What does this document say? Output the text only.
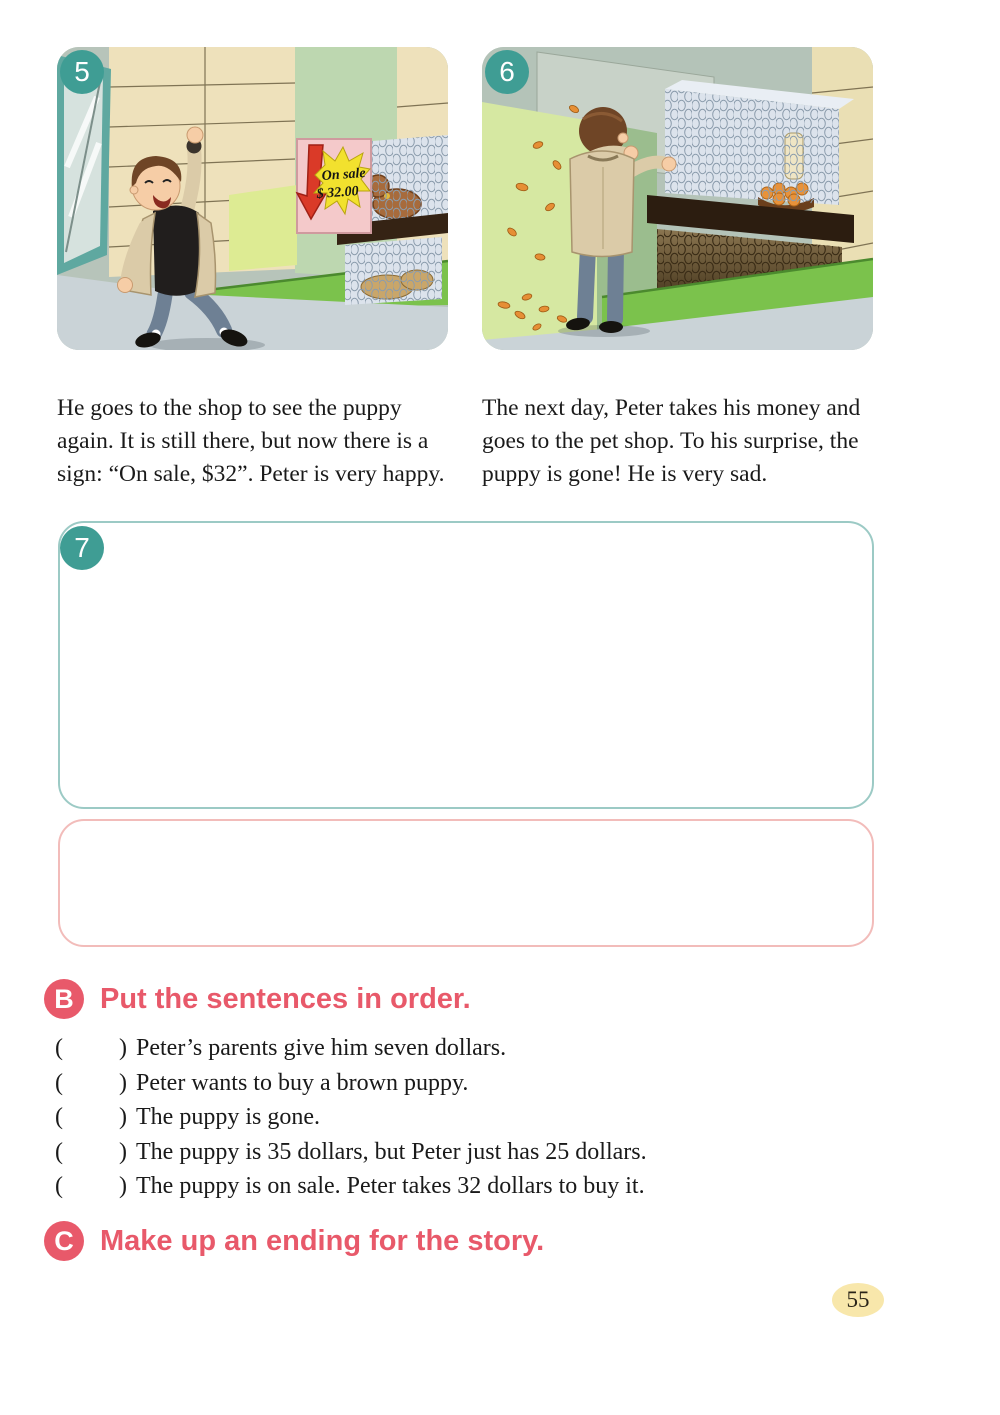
On sale
$ 32.00
5	6

He goes to the shop to see the puppy again. It is still there, but now there is a sign: “On sale, $32”. Peter is very happy.

The next day, Peter takes his money and goes to the pet shop. To his surprise, the puppy is gone! He is very sad.

7
B Put the sentences in order.
( ) Peter’s parents give him seven dollars.
( ) Peter wants to buy a brown puppy.
( ) The puppy is gone.
( ) The puppy is 35 dollars, but Peter just has 25 dollars.
( ) The puppy is on sale. Peter takes 32 dollars to buy it.
C Make up an ending for the story.
55
